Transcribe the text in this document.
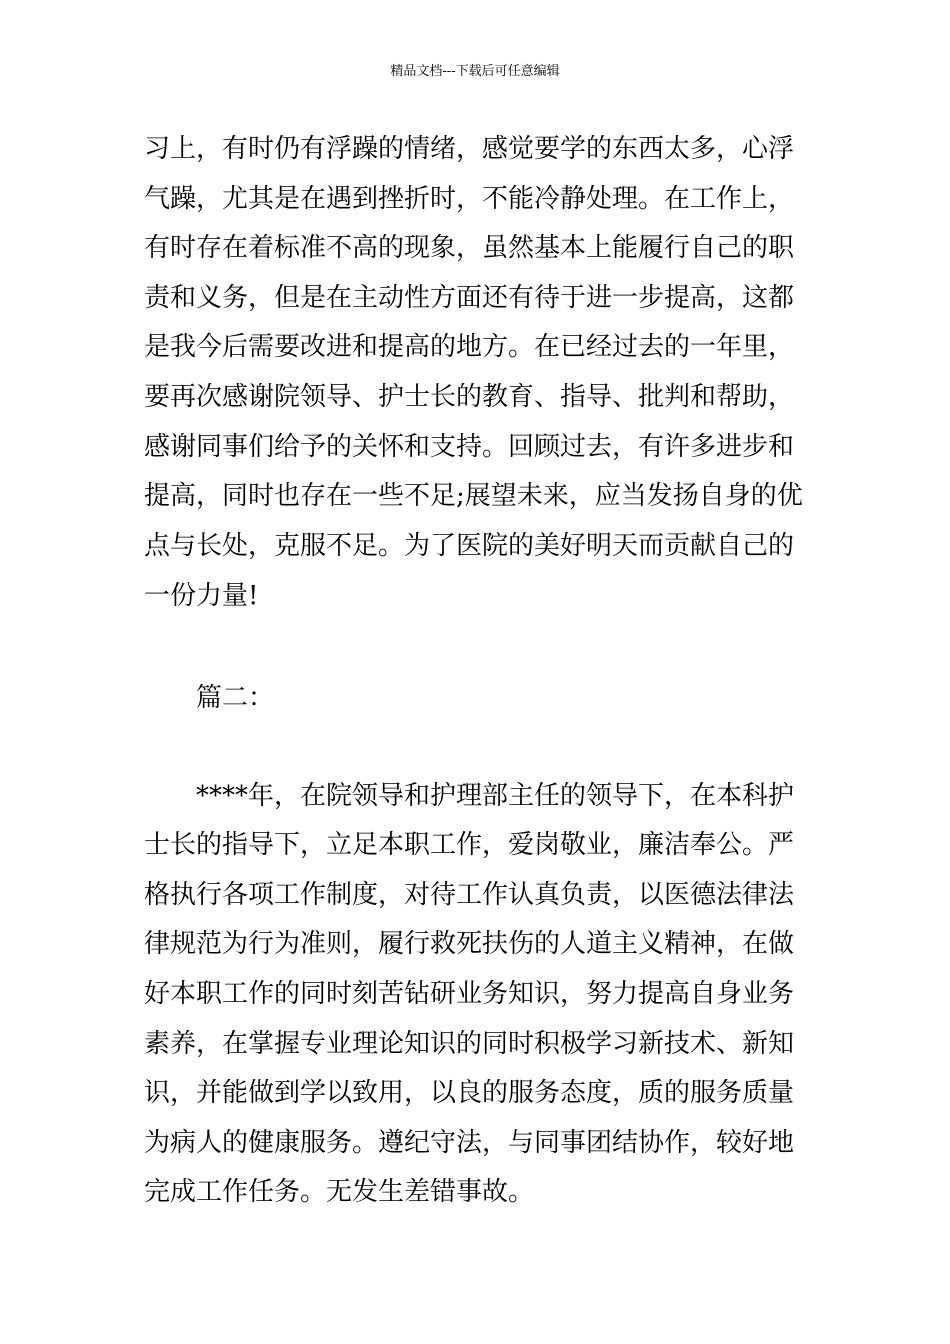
精品文档---下载后可任意编辑
习上，有时仍有浮躁的情绪，感觉要学的东西太多，心浮
气躁，尤其是在遇到挫折时，不能冷静处理。在工作上，
有时存在着标准不高的现象，虽然基本上能履行自己的职
责和义务，但是在主动性方面还有待于进一步提高，这都
是我今后需要改进和提高的地方。在已经过去的一年里，
要再次感谢院领导、护士长的教育、指导、批判和帮助，
感谢同事们给予的关怀和支持。回顾过去，有许多进步和
提高，同时也存在一些不足;展望未来，应当发扬自身的优
点与长处，克服不足。为了医院的美好明天而贡献自己的
一份力量!
篇二：
****年，在院领导和护理部主任的领导下，在本科护
士长的指导下，立足本职工作，爱岗敬业，廉洁奉公。严
格执行各项工作制度，对待工作认真负责，以医德法律法
律规范为行为准则，履行救死扶伤的人道主义精神，在做
好本职工作的同时刻苦钻研业务知识，努力提高自身业务
素养，在掌握专业理论知识的同时积极学习新技术、新知
识，并能做到学以致用，以良的服务态度，质的服务质量
为病人的健康服务。遵纪守法，与同事团结协作，较好地
完成工作任务。无发生差错事故。
